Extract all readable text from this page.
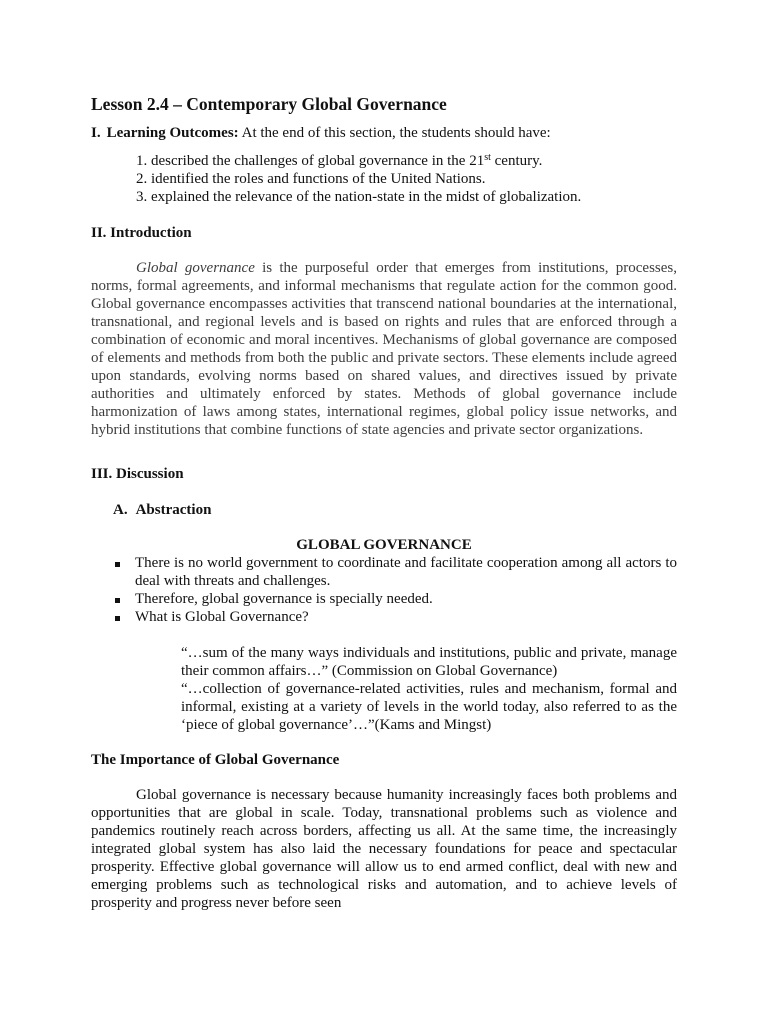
Lesson 2.4 – Contemporary Global Governance
I. Learning Outcomes: At the end of this section, the students should have:
1. described the challenges of global governance in the 21st century.
2. identified the roles and functions of the United Nations.
3. explained the relevance of the nation-state in the midst of globalization.
II. Introduction

Global governance is the purposeful order that emerges from institutions, processes, norms, formal agreements, and informal mechanisms that regulate action for the common good. Global governance encompasses activities that transcend national boundaries at the international, transnational, and regional levels and is based on rights and rules that are enforced through a combination of economic and moral incentives. Mechanisms of global governance are composed of elements and methods from both the public and private sectors. These elements include agreed upon standards, evolving norms based on shared values, and directives issued by private authorities and ultimately enforced by states. Methods of global governance include harmonization of laws among states, international regimes, global policy issue networks, and hybrid institutions that combine functions of state agencies and private sector organizations.

III. Discussion
A. Abstraction
GLOBAL GOVERNANCE
There is no world government to coordinate and facilitate cooperation among all actors to deal with threats and challenges.
Therefore, global governance is specially needed.
What is Global Governance?

“…sum of the many ways individuals and institutions, public and private, manage their common affairs…” (Commission on Global Governance)

“…collection of governance-related activities, rules and mechanism, formal and informal, existing at a variety of levels in the world today, also referred to as the ‘piece of global governance’…”(Kams and Mingst)

The Importance of Global Governance

Global governance is necessary because humanity increasingly faces both problems and opportunities that are global in scale. Today, transnational problems such as violence and pandemics routinely reach across borders, affecting us all. At the same time, the increasingly integrated global system has also laid the necessary foundations for peace and spectacular prosperity. Effective global governance will allow us to end armed conflict, deal with new and emerging problems such as technological risks and automation, and to achieve levels of prosperity and progress never before seen
